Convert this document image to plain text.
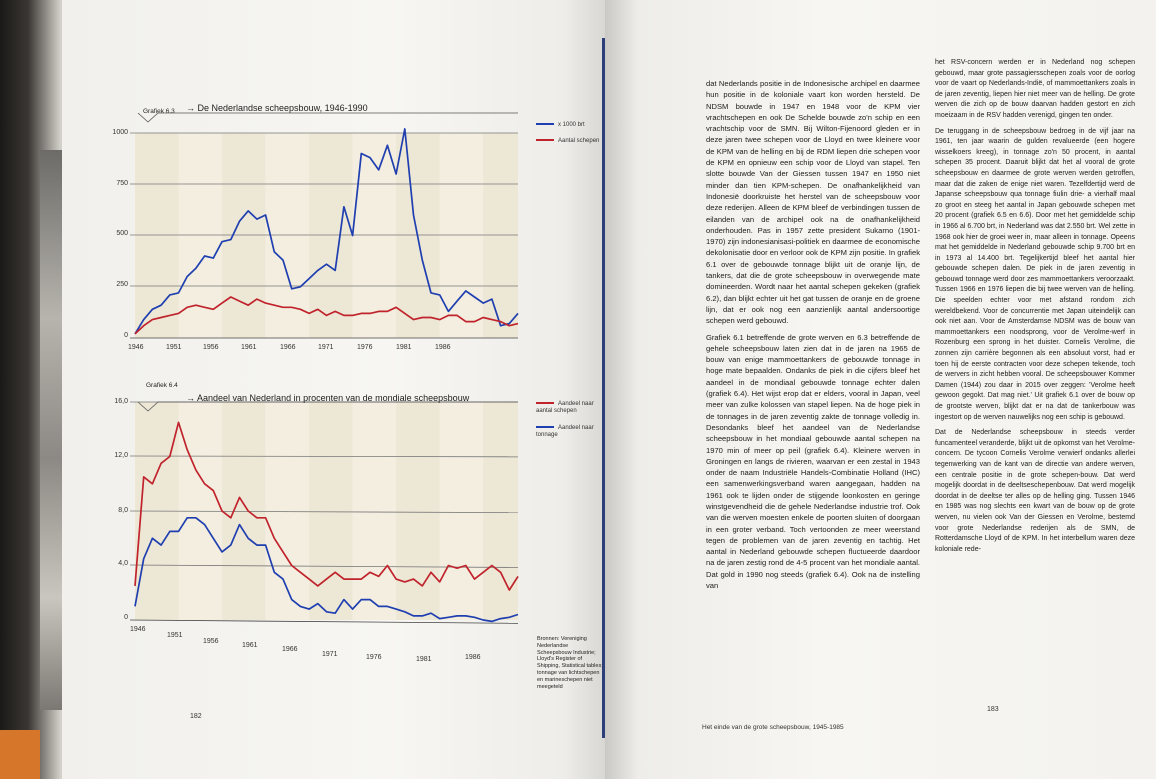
Grafiek 6.3 → De Nederlandse scheepsbouw, 1946-1990
1000
750
500
250
0
1946	1951	1956	1961	1966	1971	1976	1981	1986
x 1000 brt
Aantal schepen
Grafiek 6.4
→ Aandeel van Nederland in procenten van de mondiale scheepsbouw
16,0
12,0
8,0
4,0
0
1946
1951
1956
1961
1966
1971	1976	1981	1986
Aandeel naar aantal schepen
Aandeel naar tonnage
Bronnen: Vereniging Nederlandse Scheepsbouw Industrie; Lloyd's Register of Shipping, Statistical tables; tonnage van lichtschepen en marineschepen niet meegeteld
182
183
Het einde van de grote scheepsbouw, 1945-1985

dat Nederlands positie in de Indonesische archipel en daarmee hun positie in de koloniale vaart kon worden hersteld. De NDSM bouwde in 1947 en 1948 voor de KPM vier vrachtschepen en ook De Schelde bouwde zo'n schip en een vrachtschip voor de SMN. Bij Wilton-Fijenoord gleden er in deze jaren twee schepen voor de Lloyd en twee kleinere voor de KPM van de helling en bij de RDM liepen drie schepen voor de KPM en opnieuw een schip voor de Lloyd van stapel. Ten slotte bouwde Van der Giessen tussen 1947 en 1950 niet minder dan tien KPM-schepen. De onafhankelijkheid van Indonesië doorkruiste het herstel van de scheepsbouw voor deze rederijen. Alleen de KPM bleef de verbindingen tussen de eilanden van de archipel ook na de onafhankelijkheid onderhouden. Pas in 1957 zette president Sukarno (1901-1970) zijn indonesianisasi-politiek en daarmee de economische dekolonisatie door en verloor ook de KPM zijn positie. In grafiek 6.1 over de gebouwde tonnage blijkt uit de oranje lijn, de tankers, dat die de grote scheepsbouw in overwegende mate domineerden. Wordt naar het aantal schepen gekeken (grafiek 6.2), dan blijkt echter uit het gat tussen de oranje en de groene lijn, dat er ook nog een aanzienlijk aantal andersoortige schepen werd gebouwd.

Grafiek 6.1 betreffende de grote werven en 6.3 betreffende de gehele scheepsbouw laten zien dat in de jaren na 1965 de bouw van enige mammoettankers de gebouwde tonnage in hoge mate bepaalden. Ondanks de piek in die cijfers bleef het aandeel in de mondiaal gebouwde tonnage echter dalen (grafiek 6.4). Het wijst erop dat er elders, vooral in Japan, veel meer van zulke kolossen van stapel liepen. Na de hoge piek in de tonnages in de jaren zeventig zakte de tonnage volledig in. Desondanks bleef het aandeel van de Nederlandse scheepsbouw in het mondiaal gebouwde aantal schepen na 1970 min of meer op peil (grafiek 6.4). Kleinere werven in Groningen en langs de rivieren, waarvan er een zestal in 1943 onder de naam Industriële Handels-Combinatie Holland (IHC) een samenwerkingsverband waren aangegaan, hadden na 1961 ook te lijden onder de stijgende loonkosten en geringe winstgevendheid die de gehele Nederlandse industrie trof. Ook van die werven moesten enkele de poorten sluiten of doorgaan in een groter verband. Toch vertoonden ze meer weerstand tegen de problemen van de jaren zeventig en tachtig. Het aantal in Nederland gebouwde schepen fluctueerde daardoor na de jaren zestig rond de 4-5 procent van het mondiale aantal. Dat gold in 1990 nog steeds (grafiek 6.4). Ook na de instelling van

het RSV-concern werden er in Nederland nog schepen gebouwd, maar grote passagiersschepen zoals voor de oorlog voor de vaart op Nederlands-Indië, of mammoettankers zoals in de jaren zeventig, liepen hier niet meer van de helling. De grote werven die zich op de bouw daarvan hadden gestort en zich moeizaam in de RSV hadden verenigd, gingen ten onder.

De teruggang in de scheepsbouw bedroeg in de vijf jaar na 1961, ten jaar waarin de gulden revalueerde (een hogere wisselkoers kreeg), in tonnage zo'n 50 procent, in aantal schepen 35 procent. Daaruit blijkt dat het al vooral de grote scheepsbouw en daarmee de grote werven werden getroffen, maar dat die zaken de enige niet waren. Tezelfdertijd werd de Japanse scheepsbouw qua tonnage fiulin drie- a vierhalf maal zo groot en steeg het aantal in Japan gebouwde schepen met 20 procent (grafiek 6.5 en 6.6). Door met het gemiddelde schip in 1966 al 6.700 brt, in Nederland was dat 2.550 brt. Wel zette in 1968 ook hier de groei weer in, maar alleen in tonnage. Opeens mat het gemiddelde in Nederland gebouwde schip 9.700 brt en in 1973 al 14.400 brt. Tegelijkertijd bleef het aantal hier gebouwde schepen dalen. De piek in de jaren zeventig in gebouwd tonnage werd door zes mammoettankers veroorzaakt. Tussen 1966 en 1976 liepen die bij twee werven van de helling. Die speelden echter voor met afstand rondom zich wereldbekend. Voor de concurrentie met Japan uiteindelijk can ook niet aan. Voor de Amsterdamse NDSM was de bouw van mammoettankers een noodsprong, voor de Verolme-werf in Rozenburg een sprong in het duister. Cornelis Verolme, die zonnen zijn carrière begonnen als een absoluut vorst, had er toen hij de eerste contracten voor deze schepen tekende, toch de wervers in zicht hebben vooral. De scheepsbouwer Kommer Damen (1944) zou daar in 2015 over zeggen: 'Verolme heeft gewoon gegokt. Dat mag niet.' Uit grafiek 6.1 over de bouw op de grootste werven, blijkt dat er na dat de tankerbouw was ingestort op de werven nauwelijks nog een schip is gebouwd.

Dat de Nederlandse scheepsbouw in steeds verder funcamenteel veranderde, blijkt uit de opkomst van het Verolme-concern. De tycoon Cornelis Verolme verwierf ondanks allerlei tegenwerking van de kant van de directie van andere werven, een centrale positie in de grote schepen-bouw. Dat werd mogelijk doordat in de deeltseschepenbouw. Dat werd mogelijk doordat in de deeltse ter alles op de helling ging. Tussen 1946 en 1985 was nog slechts een kwart van de bouw op de grote werven, nu vielen ook Van der Giessen en Verolme, bestemd voor grote Nederlandse rederijen als de SMN, de Rotterdamsche Lloyd of de KPM. In het interbellum waren deze koloniale rede-
